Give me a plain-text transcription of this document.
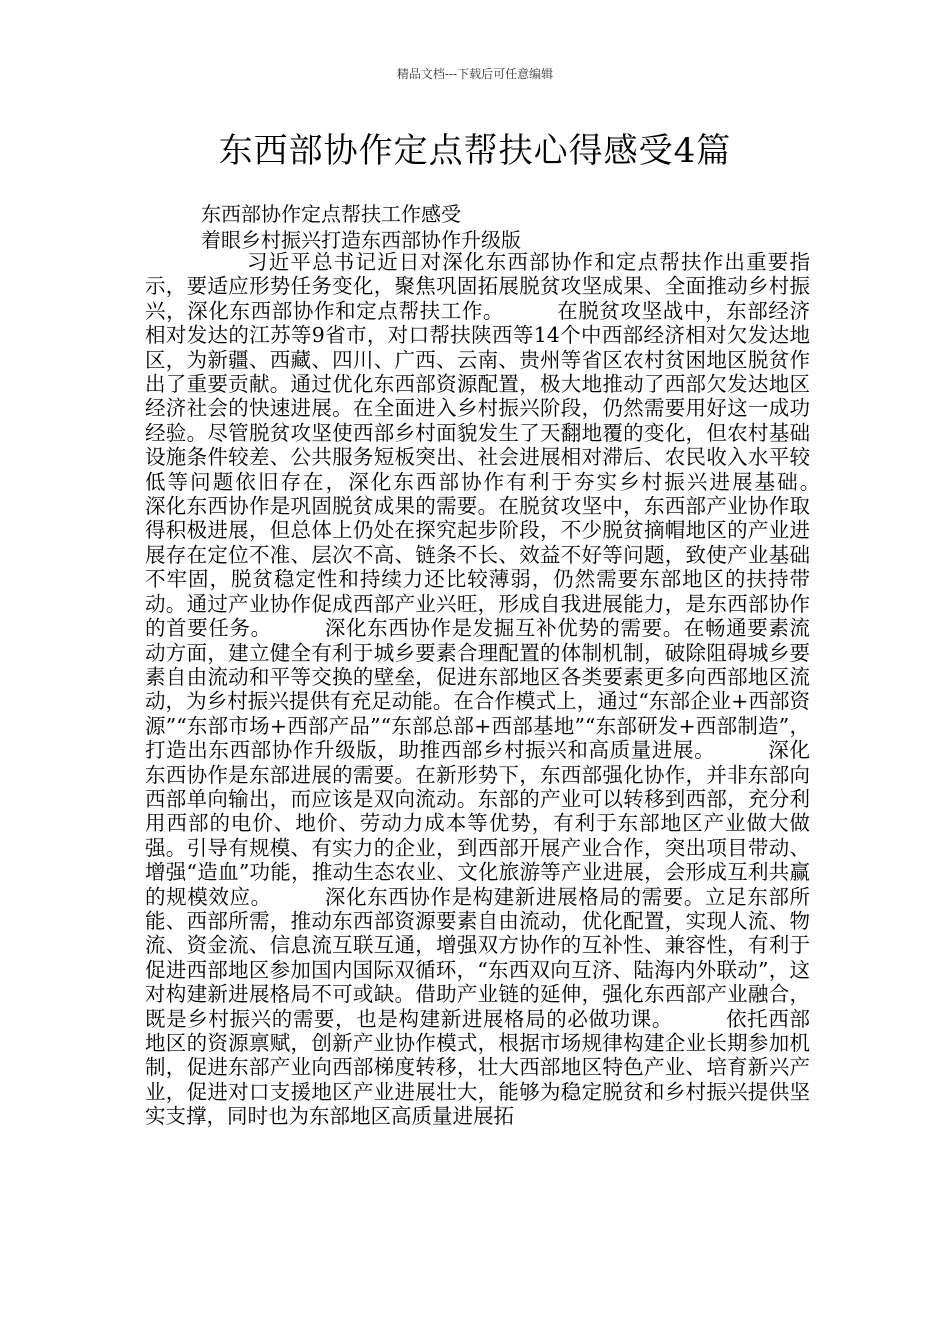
精品文档---下载后可任意编辑
东西部协作定点帮扶心得感受4篇

东西部协作定点帮扶工作感受

着眼乡村振兴打造东西部协作升级版

习近平总书记近日对深化东西部协作和定点帮扶作出重要指示，要适应形势任务变化，聚焦巩固拓展脱贫攻坚成果、全面推动乡村振兴，深化东西部协作和定点帮扶工作。　　　在脱贫攻坚战中，东部经济相对发达的江苏等9省市，对口帮扶陕西等14个中西部经济相对欠发达地区，为新疆、西藏、四川、广西、云南、贵州等省区农村贫困地区脱贫作出了重要贡献。通过优化东西部资源配置，极大地推动了西部欠发达地区经济社会的快速进展。在全面进入乡村振兴阶段，仍然需要用好这一成功经验。尽管脱贫攻坚使西部乡村面貌发生了天翻地覆的变化，但农村基础设施条件较差、公共服务短板突出、社会进展相对滞后、农民收入水平较低等问题依旧存在，深化东西部协作有利于夯实乡村振兴进展基础。　　　深化东西协作是巩固脱贫成果的需要。在脱贫攻坚中，东西部产业协作取得积极进展，但总体上仍处在探究起步阶段，不少脱贫摘帽地区的产业进展存在定位不准、层次不高、链条不长、效益不好等问题，致使产业基础不牢固，脱贫稳定性和持续力还比较薄弱，仍然需要东部地区的扶持带动。通过产业协作促成西部产业兴旺，形成自我进展能力，是东西部协作的首要任务。　　　深化东西协作是发掘互补优势的需要。在畅通要素流动方面，建立健全有利于城乡要素合理配置的体制机制，破除阻碍城乡要素自由流动和平等交换的壁垒，促进东部地区各类要素更多向西部地区流动，为乡村振兴提供有充足动能。在合作模式上，通过“东部企业+西部资源”“东部市场+西部产品”“东部总部+西部基地”“东部研发+西部制造”，打造出东西部协作升级版，助推西部乡村振兴和高质量进展。　　　深化东西协作是东部进展的需要。在新形势下，东西部强化协作，并非东部向西部单向输出，而应该是双向流动。东部的产业可以转移到西部，充分利用西部的电价、地价、劳动力成本等优势，有利于东部地区产业做大做强。引导有规模、有实力的企业，到西部开展产业合作，突出项目带动、增强“造血”功能，推动生态农业、文化旅游等产业进展，会形成互利共赢的规模效应。　　　深化东西协作是构建新进展格局的需要。立足东部所能、西部所需，推动东西部资源要素自由流动，优化配置，实现人流、物流、资金流、信息流互联互通，增强双方协作的互补性、兼容性，有利于促进西部地区参加国内国际双循环，“东西双向互济、陆海内外联动”，这对构建新进展格局不可或缺。借助产业链的延伸，强化东西部产业融合，既是乡村振兴的需要，也是构建新进展格局的必做功课。　　　依托西部地区的资源禀赋，创新产业协作模式，根据市场规律构建企业长期参加机制，促进东部产业向西部梯度转移，壮大西部地区特色产业、培育新兴产业，促进对口支援地区产业进展壮大，能够为稳定脱贫和乡村振兴提供坚实支撑，同时也为东部地区高质量进展拓
